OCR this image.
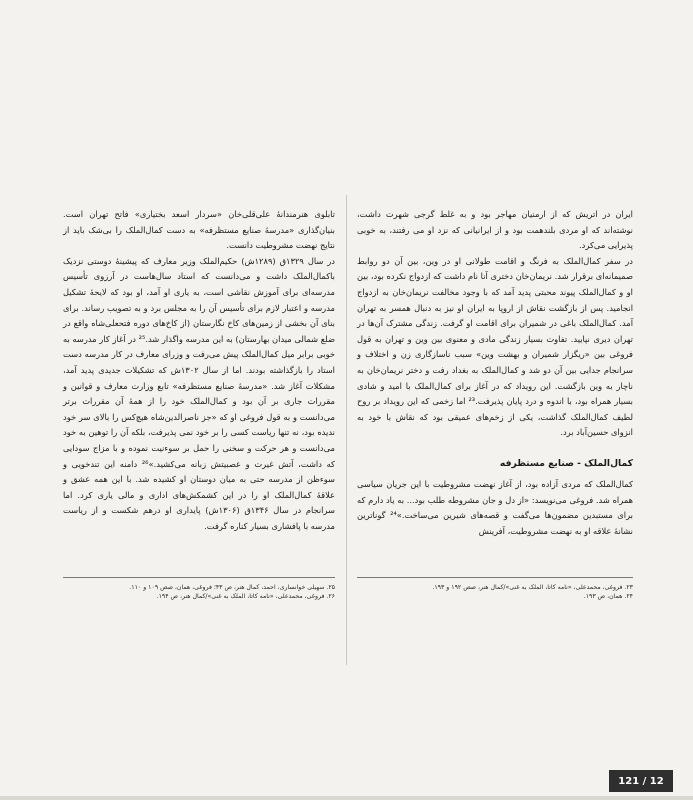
ایران در اتریش که از ارمنیان مهاجر بود و به غلط گرجی شهرت داشت، نوشته‌اند که او مردی بلندهمت بود و از ایرانیانی که نزد او می رفتند، به خوبی پذیرایی می‌کرد.

در سفر کمال‌الملک به فرنگ و اقامت طولانی او در وین، بین آن دو روابط صمیمانه‌ای برقرار شد. نریمان‌خان دختری آنا نام داشت که ازدواج نکرده بود، بین او و کمال‌الملک پیوند محبتی پدید آمد که با وجود مخالفت نریمان‌خان به ازدواج انجامید. پس از بازگشت نقاش از اروپا به ایران او نیز به دنبال همسر به تهران آمد. کمال‌الملک باغی در شمیران برای اقامت او گرفت. زندگی مشترک آن‌ها در تهران دیری نپایید. تفاوت بسیار زندگی مادی و معنوی بین وین و تهران به قول فروغی بین «ریگزار شمیران و بهشت وین» سبب ناسازگاری زن و اختلاف و سرانجام جدایی بین آن دو شد و کمال‌الملک به بغداد رفت و دختر نریمان‌خان به ناچار به وین بازگشت. این رویداد که در آغاز برای کمال‌الملک با امید و شادی بسیار همراه بود، با اندوه و درد پایان پذیرفت.²³ اما زخمی که این رویداد بر روح لطیف کمال‌الملک گذاشت، یکی از زخم‌های عمیقی بود که نقاش با خود به انزوای حسین‌آباد برد.

کمال‌الملک - صنایع مستظرفه

کمال‌الملک که مردی آزاده بود، از آغاز نهضت مشروطیت با این جریان سیاسی همراه شد. فروغی می‌نویسد: «از دل و جان مشروطه طلب بود... به یاد دارم که برای مستبدین مضمون‌ها می‌گفت و قصه‌های شیرین می‌ساخت.»²⁴ گوناترین نشانهٔ علاقه او به نهضت مشروطیت، آفرینش

تابلوی هنرمندانهٔ علی‌قلی‌خان «سردار اسعد بختیاری» فاتح تهران است. بنیان‌گذاری «مدرسهٔ صنایع مستظرفه» به دست کمال‌الملک را بی‌شک باید از نتایج نهضت مشروطیت دانست.

در سال ۱۳۲۹ق (۱۲۸۹ش) حکیم‌الملک وزیر معارف که پیشینهٔ دوستی نزدیک باکمال‌الملک داشت و می‌دانست که استاد سال‌هاست در آرزوی تأسیس مدرسه‌ای برای آموزش نقاشی است، به یاری او آمد، او بود که لایحهٔ تشکیل مدرسه و اعتبار لازم برای تأسیس آن را به مجلس برد و به تصویب رساند. برای بنای آن بخشی از زمین‌های کاخ نگارستان (از کاخ‌های دوره فتحعلی‌شاه واقع در ضلع شمالی میدان بهارستان) به این مدرسه واگذار شد.²⁵ در آغاز کار مدرسه به خوبی برابر میل کمال‌الملک پیش می‌رفت و وزرای معارف در کار مدرسه دست استاد را بازگذاشته بودند. اما از سال ۱۳۰۲ش که تشکیلات جدیدی پدید آمد، مشکلات آغاز شد. «مدرسهٔ صنایع مستظرفه» تابع وزارت معارف و قوانین و مقررات جاری بر آن بود و کمال‌الملک خود را از همهٔ آن مقررات برتر می‌دانست و به قول فروغی او که «جز ناصرالدین‌شاه هیچ‌کس را بالای سر خود ندیده بود، نه تنها ریاست کسی را بر خود نمی پذیرفت، بلکه آن را توهین به خود می‌دانست و هر حرکت و سخنی را حمل بر سوء‌نیت نموده و با مزاج سودایی که داشت، آتش غیرت و عصبیتش زبانه می‌کشید.»²⁶ دامنه این تندخویی و سوءظن از مدرسه حتی به میان دوستان او کشیده شد. با این همه عشق و علاقهٔ کمال‌الملک او را در این کشمکش‌های اداری و مالی یاری کرد. اما سرانجام در سال ۱۳۴۶ق (۱۳۰۶ش) پایداری او درهم شکست و از ریاست مدرسه با پافشاری بسیار کناره گرفت.

۲۳. فروغی، محمدعلی، «نامه کاتا، الملک به غنی»/کمال هنر، صص ۱۹۲ و ۱۹۳.
۲۴. همان، ص ۱۹۳.
۲۵. سهیلی خوانساری، احمد، کمال هنر، ص ۴۳؛ فروغی، همان، صص ۱۰۹ و ۱۱۰.
۲۶. فروغی، محمدعلی، «نامه کاتا، الملک به غنی»/کمال هنر، ص ۱۹۴.
121 / 12
